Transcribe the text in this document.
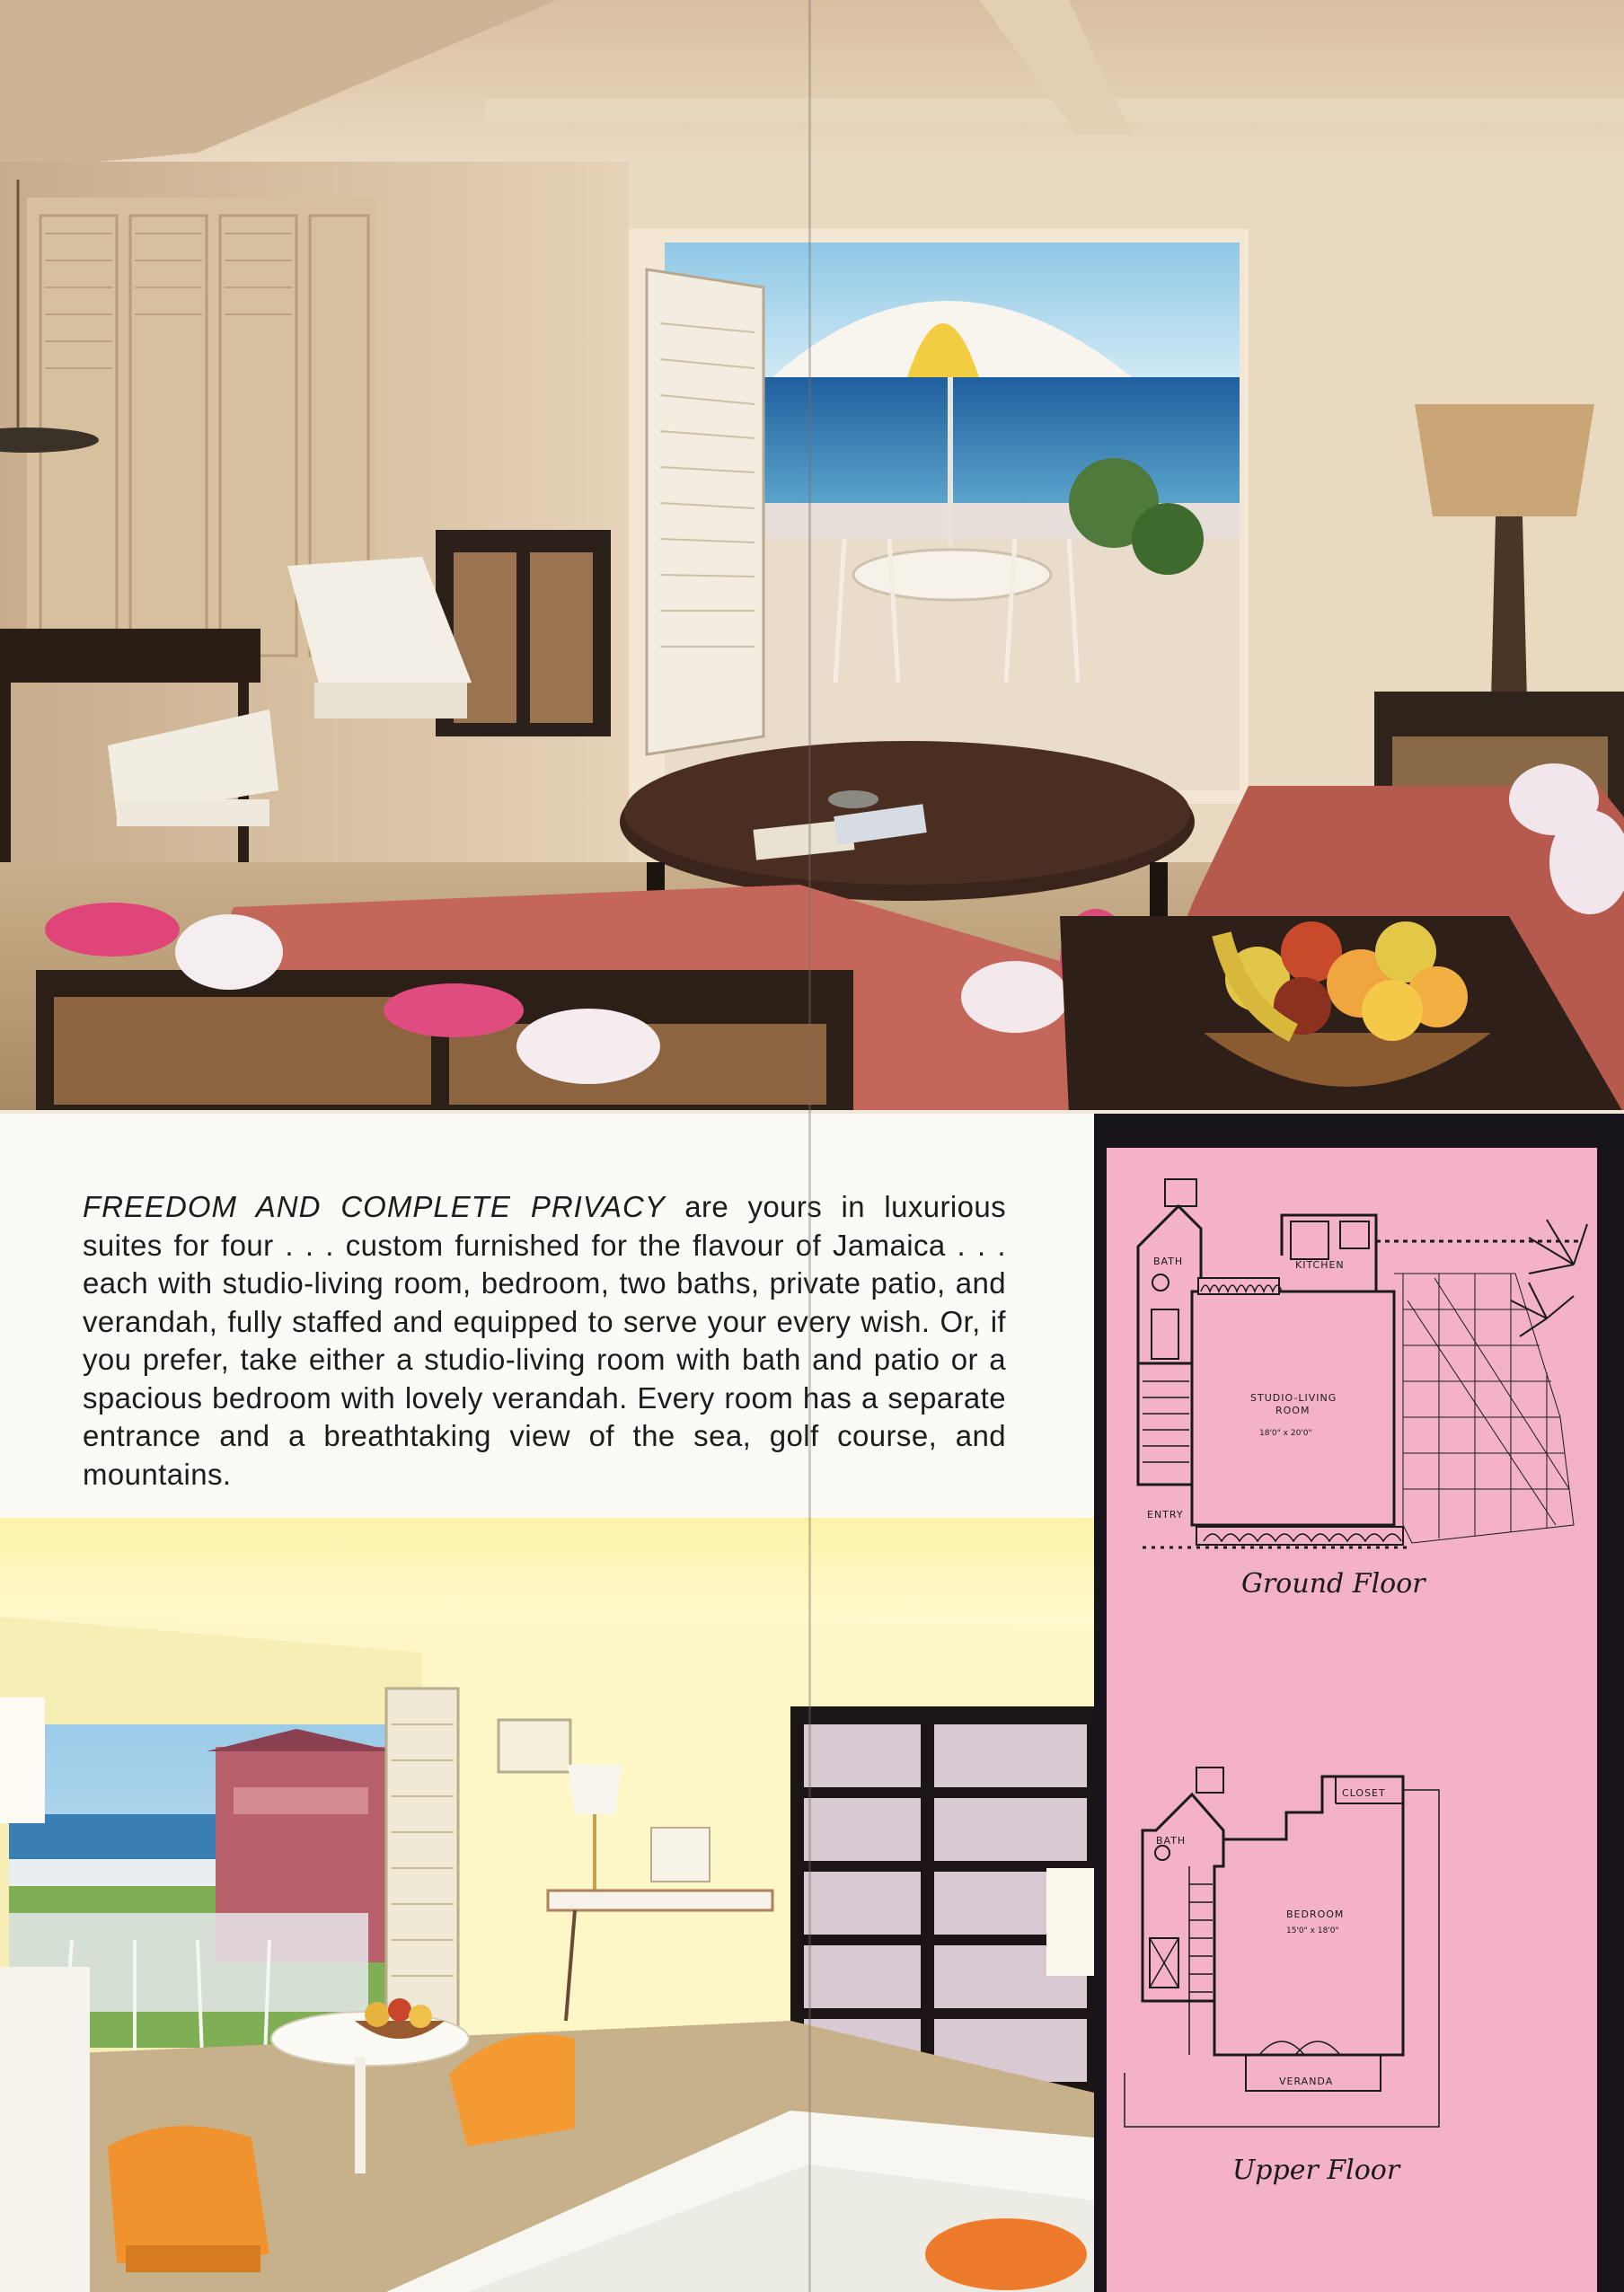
FREEDOM AND COMPLETE PRIVACY are yours in luxurious suites for four . . . custom furnished for the flavour of Jamaica . . . each with studio-living room, bedroom, two baths, private patio, and verandah, fully staffed and equipped to serve your every wish. Or, if you prefer, take either a studio-living room with bath and patio or a spacious bedroom with lovely verandah. Every room has a separate entrance and a breathtaking view of the sea, golf course, and mountains.

BATH	KITCHEN
STUDIO-LIVING
ROOM
18'0" x 20'0"
ENTRY
Ground Floor
BATH
CLOSET
BEDROOM
15'0" x 18'0"
VERANDA
Upper Floor
